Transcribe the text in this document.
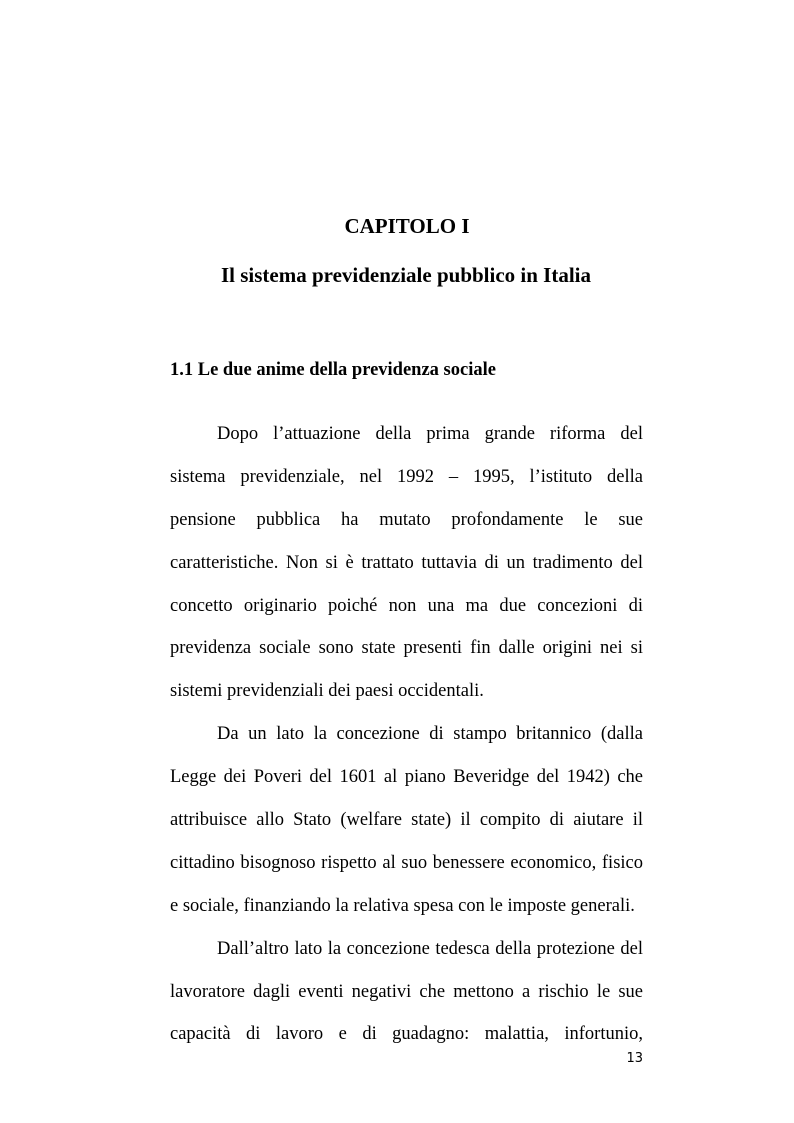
CAPITOLO I
Il sistema previdenziale pubblico in Italia
1.1 Le due anime della previdenza sociale
Dopo l’attuazione della prima grande riforma del
sistema previdenziale, nel 1992 – 1995, l’istituto della
pensione pubblica ha mutato profondamente le sue
caratteristiche. Non si è trattato tuttavia di un tradimento del
concetto originario poiché non una ma due concezioni di
previdenza sociale sono state presenti fin dalle origini nei si
sistemi previdenziali dei paesi occidentali.
Da un lato la concezione di stampo britannico (dalla
Legge dei Poveri del 1601 al piano Beveridge del 1942) che
attribuisce allo Stato (welfare state) il compito di aiutare il
cittadino bisognoso rispetto al suo benessere economico, fisico
e sociale, finanziando la relativa spesa con le imposte generali.
Dall’altro lato la concezione tedesca della protezione del
lavoratore dagli eventi negativi che mettono a rischio le sue
capacità di lavoro e di guadagno: malattia, infortunio,
13
